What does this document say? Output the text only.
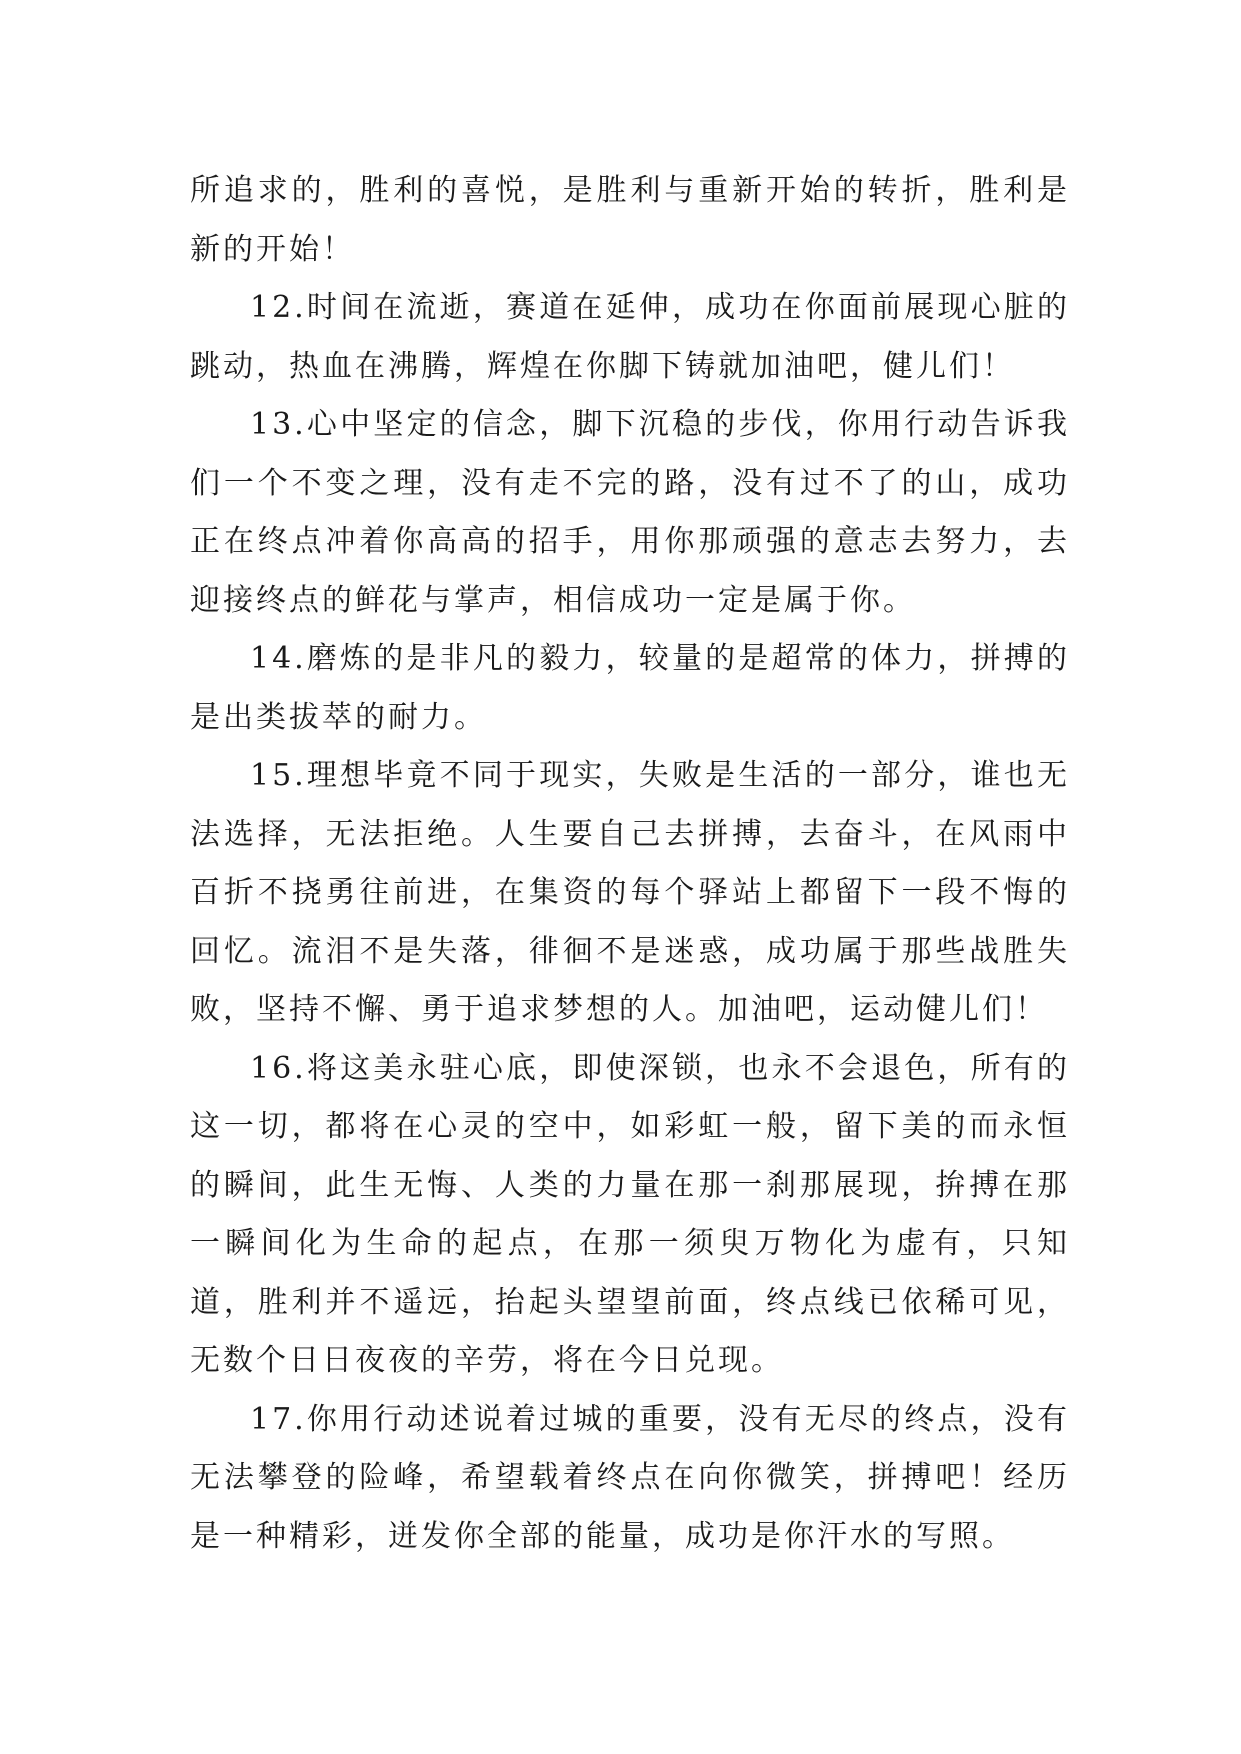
所追求的，胜利的喜悦，是胜利与重新开始的转折，胜利是新的开始！

12.时间在流逝，赛道在延伸，成功在你面前展现心脏的跳动，热血在沸腾，辉煌在你脚下铸就加油吧，健儿们！

13.心中坚定的信念，脚下沉稳的步伐，你用行动告诉我们一个不变之理，没有走不完的路，没有过不了的山，成功正在终点冲着你高高的招手，用你那顽强的意志去努力，去迎接终点的鲜花与掌声，相信成功一定是属于你。

14.磨炼的是非凡的毅力，较量的是超常的体力，拼搏的是出类拔萃的耐力。

15.理想毕竟不同于现实，失败是生活的一部分，谁也无法选择，无法拒绝。人生要自己去拼搏，去奋斗，在风雨中百折不挠勇往前进，在集资的每个驿站上都留下一段不悔的回忆。流泪不是失落，徘徊不是迷惑，成功属于那些战胜失败，坚持不懈、勇于追求梦想的人。加油吧，运动健儿们！

16.将这美永驻心底，即使深锁，也永不会退色，所有的这一切，都将在心灵的空中，如彩虹一般，留下美的而永恒的瞬间，此生无悔、人类的力量在那一刹那展现，拚搏在那一瞬间化为生命的起点，在那一须臾万物化为虚有，只知道，胜利并不遥远，抬起头望望前面，终点线已依稀可见，无数个日日夜夜的辛劳，将在今日兑现。

17.你用行动述说着过城的重要，没有无尽的终点，没有无法攀登的险峰，希望载着终点在向你微笑，拼搏吧！经历是一种精彩，迸发你全部的能量，成功是你汗水的写照。
